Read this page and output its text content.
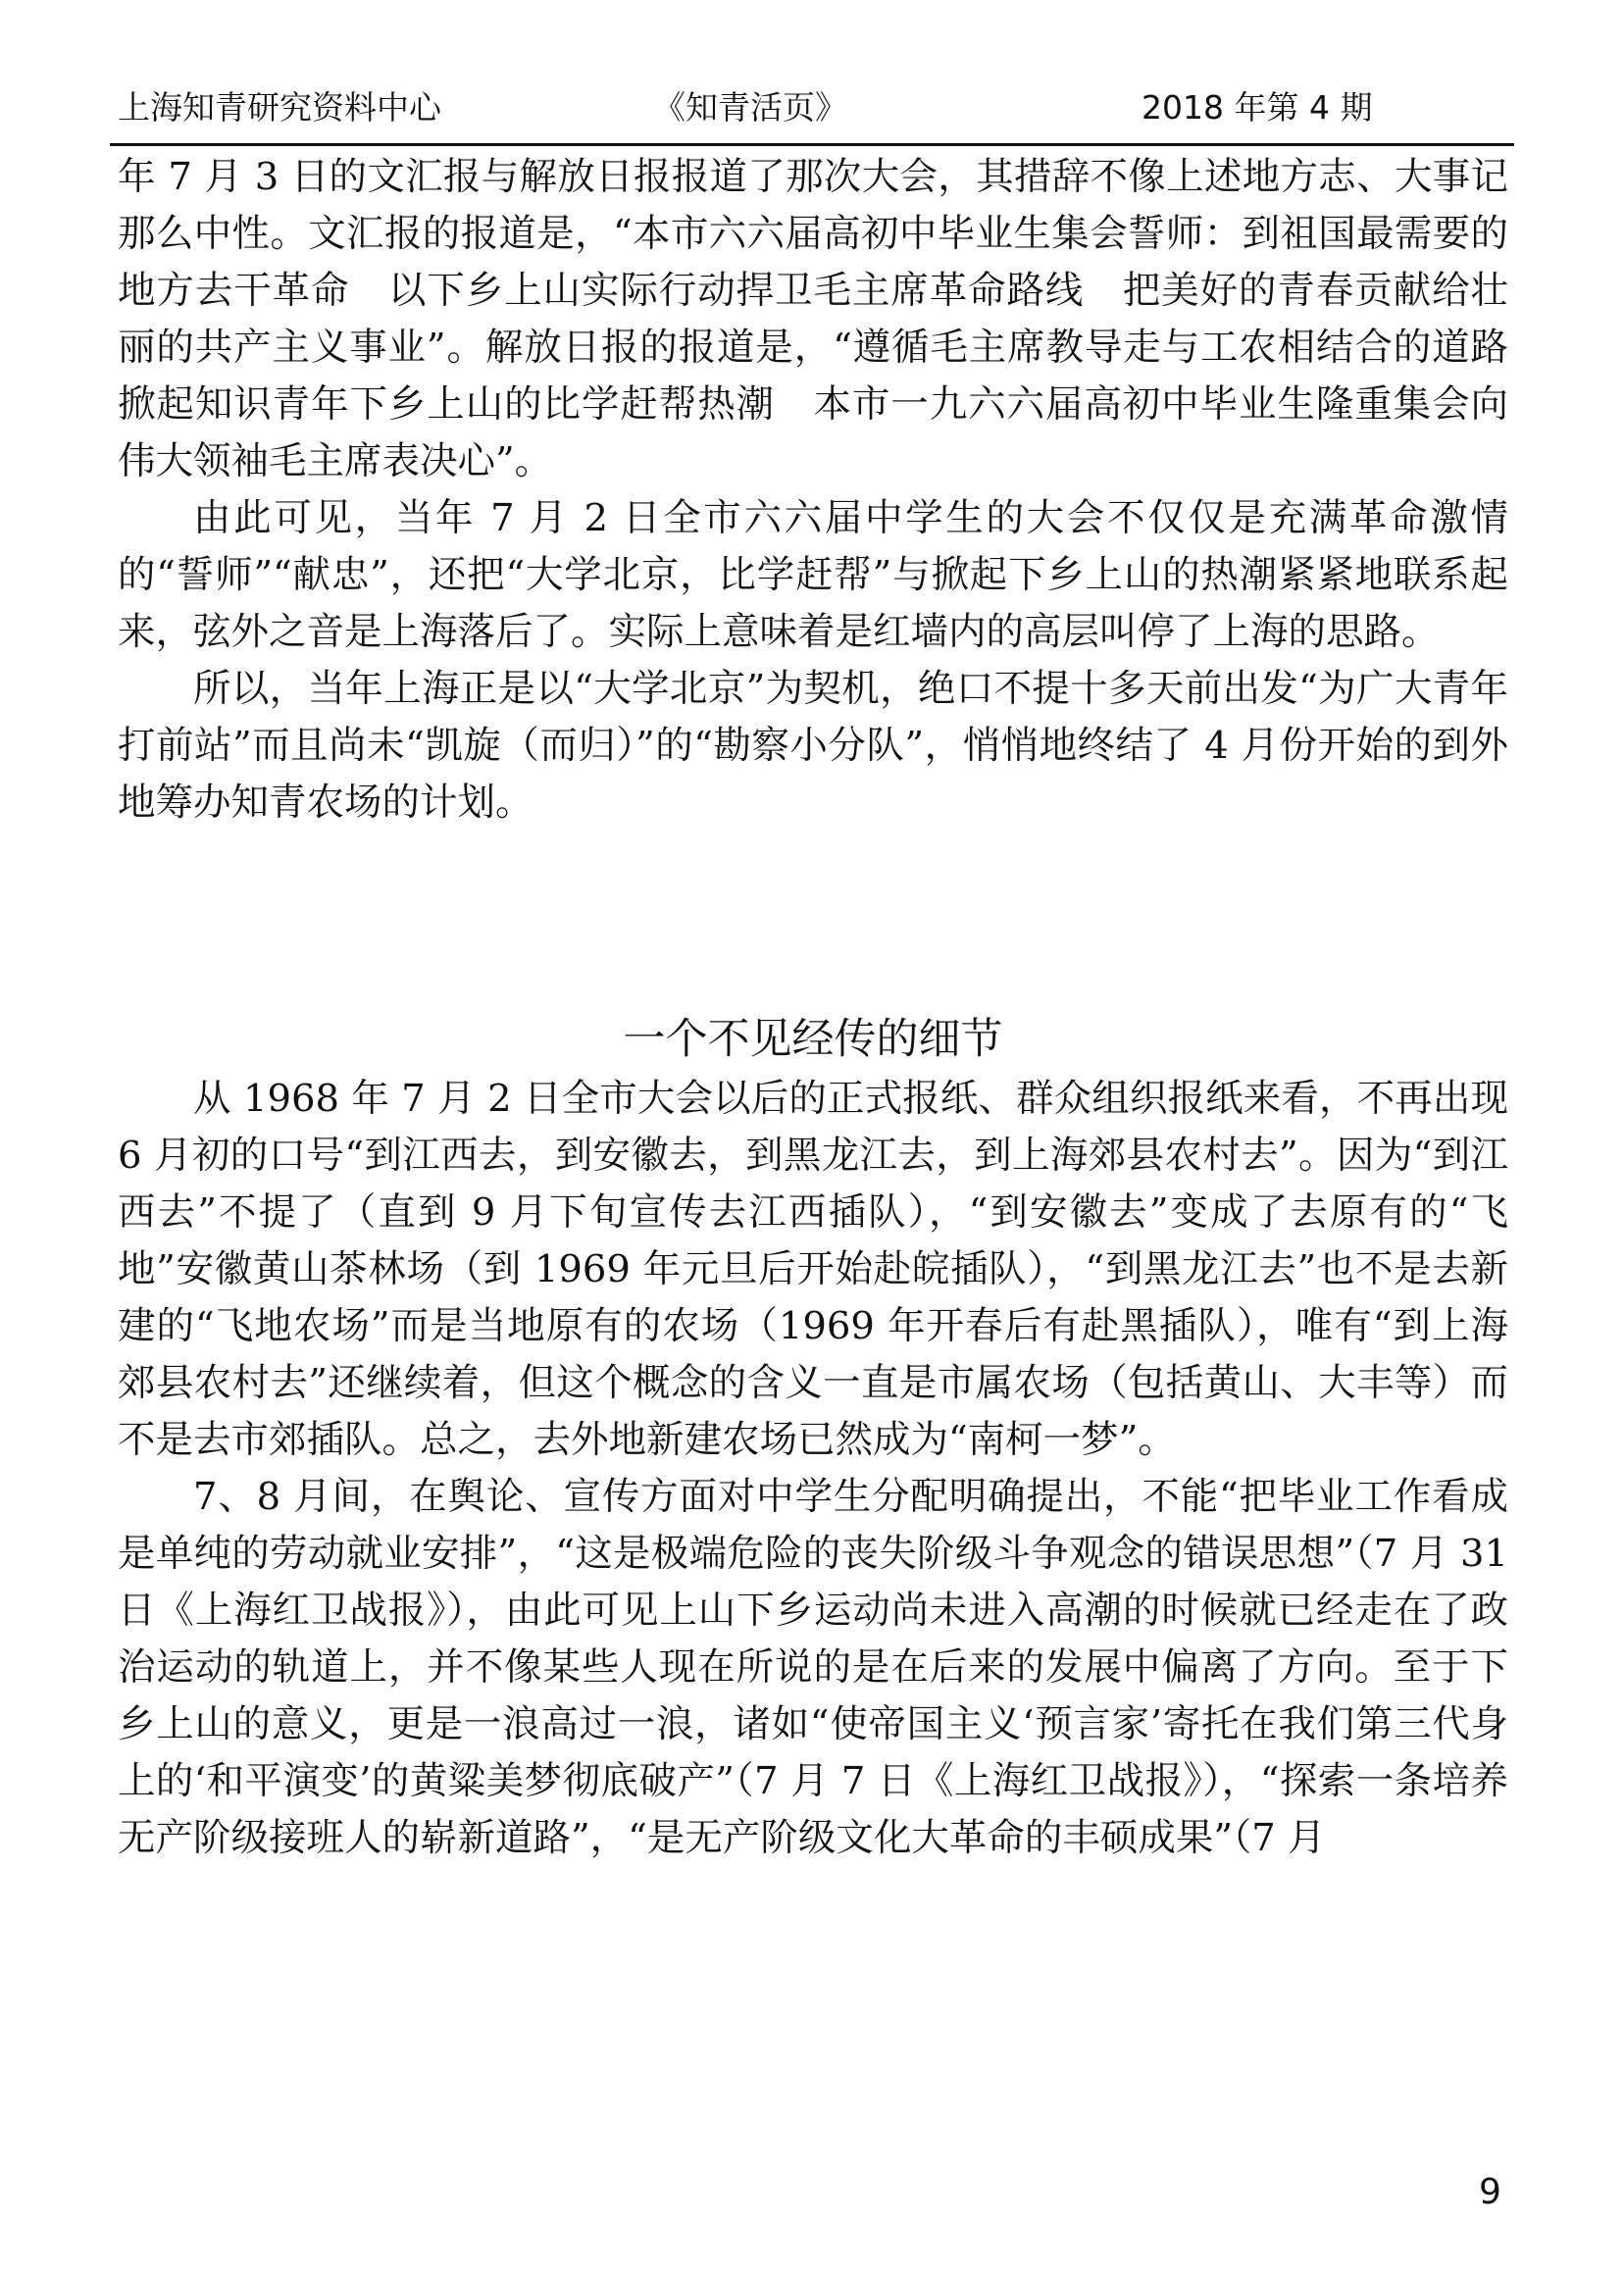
上海知青研究资料中心	《知青活页》	2018 年第 4 期

年 7 月 3 日的文汇报与解放日报报道了那次大会，其措辞不像上述地方志、大事记那么中性。文汇报的报道是，“本市六六届高初中毕业生集会誓师：到祖国最需要的地方去干革命　以下乡上山实际行动捍卫毛主席革命路线　把美好的青春贡献给壮丽的共产主义事业”。解放日报的报道是，“遵循毛主席教导走与工农相结合的道路　掀起知识青年下乡上山的比学赶帮热潮　本市一九六六届高初中毕业生隆重集会向伟大领袖毛主席表决心”。

由此可见，当年 7 月 2 日全市六六届中学生的大会不仅仅是充满革命激情的“誓师”“献忠”，还把“大学北京，比学赶帮”与掀起下乡上山的热潮紧紧地联系起来，弦外之音是上海落后了。实际上意味着是红墙内的高层叫停了上海的思路。

所以，当年上海正是以“大学北京”为契机，绝口不提十多天前出发“为广大青年打前站”而且尚未“凯旋（而归）”的“勘察小分队”，悄悄地终结了 4 月份开始的到外地筹办知青农场的计划。

一个不见经传的细节

从 1968 年 7 月 2 日全市大会以后的正式报纸、群众组织报纸来看，不再出现 6 月初的口号“到江西去，到安徽去，到黑龙江去，到上海郊县农村去”。因为“到江西去”不提了（直到 9 月下旬宣传去江西插队），“到安徽去”变成了去原有的“飞地”安徽黄山茶林场（到 1969 年元旦后开始赴皖插队），“到黑龙江去”也不是去新建的“飞地农场”而是当地原有的农场（1969 年开春后有赴黑插队），唯有“到上海郊县农村去”还继续着，但这个概念的含义一直是市属农场（包括黄山、大丰等）而不是去市郊插队。总之，去外地新建农场已然成为“南柯一梦”。

7、8 月间，在舆论、宣传方面对中学生分配明确提出，不能“把毕业工作看成是单纯的劳动就业安排”，“这是极端危险的丧失阶级斗争观念的错误思想”（7 月 31 日《上海红卫战报》），由此可见上山下乡运动尚未进入高潮的时候就已经走在了政治运动的轨道上，并不像某些人现在所说的是在后来的发展中偏离了方向。至于下乡上山的意义，更是一浪高过一浪，诸如“使帝国主义‘预言家’寄托在我们第三代身上的‘和平演变’的黄粱美梦彻底破产”（7 月 7 日《上海红卫战报》），“探索一条培养无产阶级接班人的崭新道路”，“是无产阶级文化大革命的丰硕成果”（7 月

9
